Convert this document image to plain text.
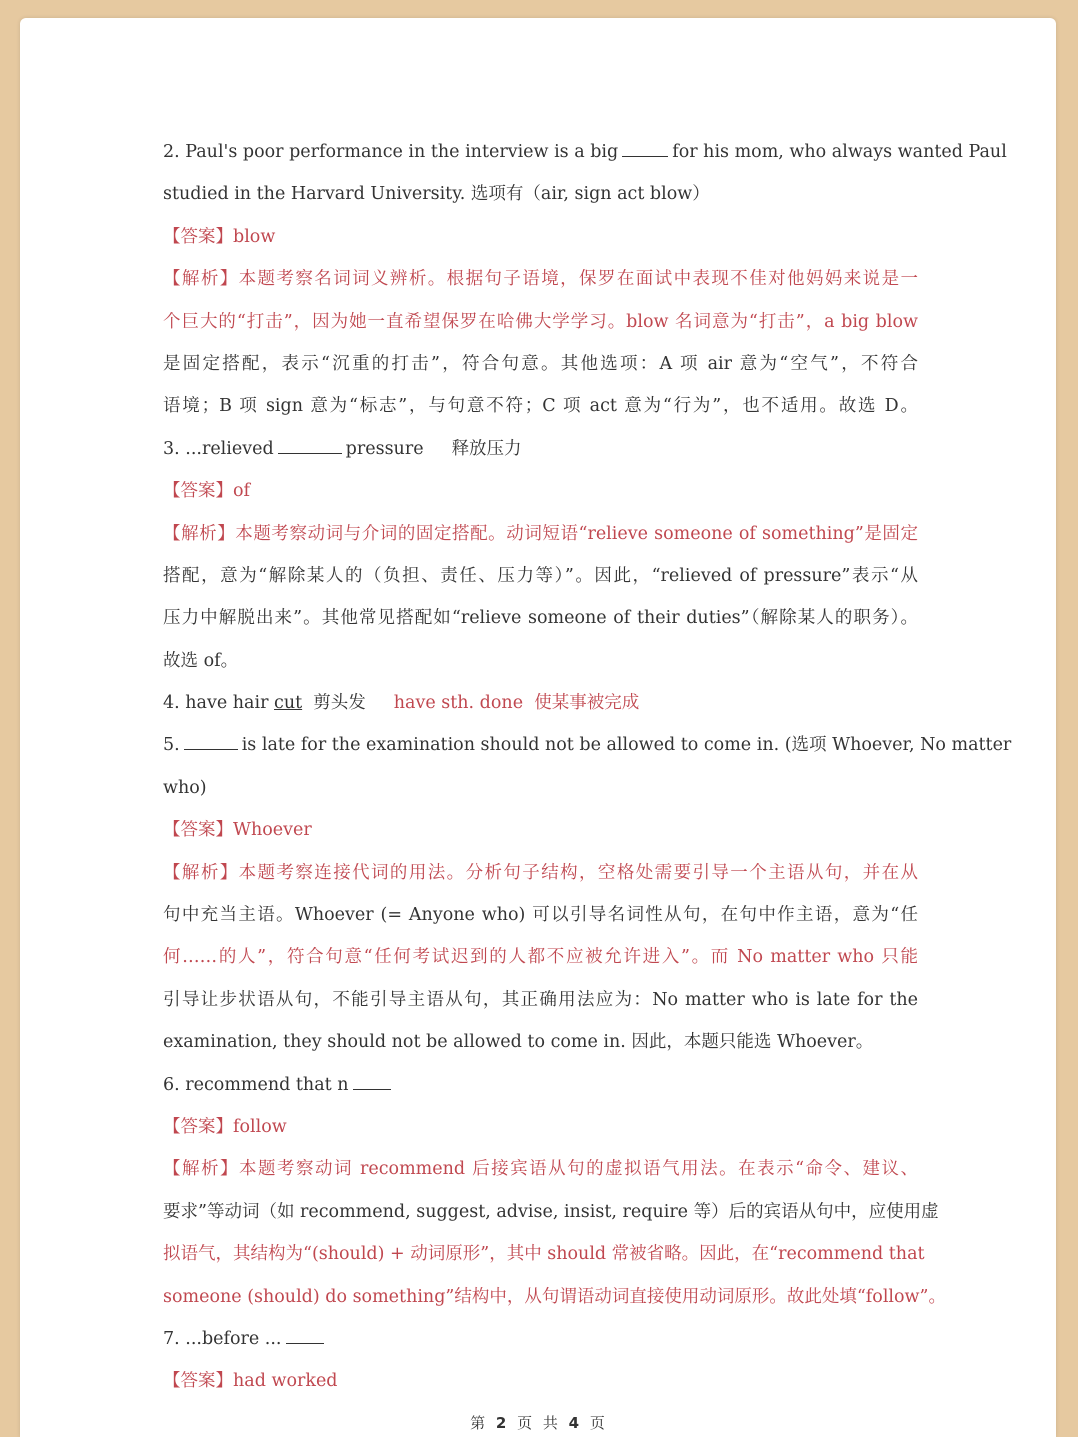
2. Paul's poor performance in the interview is a big	for his mom, who always wanted Paul
studied in the Harvard University. 选项有（air, sign act blow）
【答案】blow
【解析】本题考察名词词义辨析。根据句子语境，保罗在面试中表现不佳对他妈妈来说是一
个巨大的“打击”，因为她一直希望保罗在哈佛大学学习。blow 名词意为“打击”，a big blow
是固定搭配，表示“沉重的打击”，符合句意。其他选项：A 项 air 意为“空气”，不符合
语境；B 项 sign 意为“标志”，与句意不符；C 项 act 意为“行为”，也不适用。故选 D。
3. ...relieved	pressure 释放压力
【答案】of
【解析】本题考察动词与介词的固定搭配。动词短语“relieve someone of something”是固定
搭配，意为“解除某人的（负担、责任、压力等）”。因此，“relieved of pressure”表示“从
压力中解脱出来”。其他常见搭配如“relieve someone of their duties”（解除某人的职务）。
故选 of。
4. have hair cut 剪头发 have sth. done 使某事被完成
5.	is late for the examination should not be allowed to come in. (选项 Whoever, No matter
who)
【答案】Whoever
【解析】本题考察连接代词的用法。分析句子结构，空格处需要引导一个主语从句，并在从
句中充当主语。Whoever (= Anyone who) 可以引导名词性从句，在句中作主语，意为“任
何……的人”，符合句意“任何考试迟到的人都不应被允许进入”。而 No matter who 只能
引导让步状语从句，不能引导主语从句，其正确用法应为：No matter who is late for the
examination, they should not be allowed to come in. 因此，本题只能选 Whoever。
6. recommend that n
【答案】follow
【解析】本题考察动词 recommend 后接宾语从句的虚拟语气用法。在表示“命令、建议、
要求”等动词（如 recommend, suggest, advise, insist, require 等）后的宾语从句中，应使用虚
拟语气，其结构为“(should) + 动词原形”，其中 should 常被省略。因此，在“recommend that
someone (should) do something”结构中，从句谓语动词直接使用动词原形。故此处填“follow”。
7. ...before ...
【答案】had worked
第 2 页 共 4 页
